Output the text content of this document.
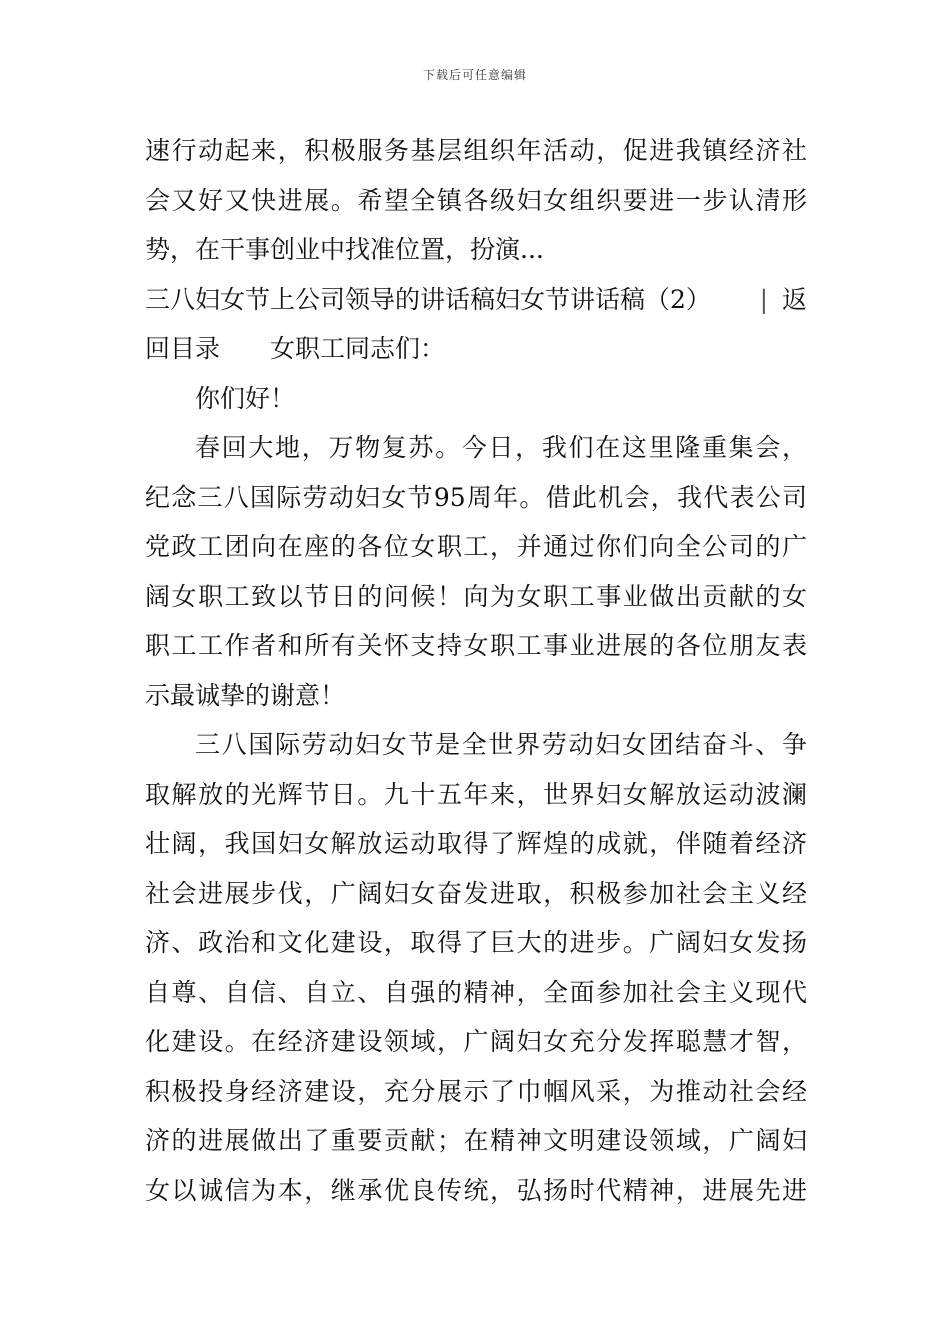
下载后可任意编辑
速行动起来，积极服务基层组织年活动，促进我镇经济社
会又好又快进展。希望全镇各级妇女组织要进一步认清形
势，在干事创业中找准位置，扮演...
三八妇女节上公司领导的讲话稿妇女节讲话稿（2） | 返
回目录 女职工同志们：
你们好！
春回大地，万物复苏。今日，我们在这里隆重集会，
纪念三八国际劳动妇女节95周年。借此机会，我代表公司
党政工团向在座的各位女职工，并通过你们向全公司的广
阔女职工致以节日的问候！向为女职工事业做出贡献的女
职工工作者和所有关怀支持女职工事业进展的各位朋友表
示最诚挚的谢意！
三八国际劳动妇女节是全世界劳动妇女团结奋斗、争
取解放的光辉节日。九十五年来，世界妇女解放运动波澜
壮阔，我国妇女解放运动取得了辉煌的成就，伴随着经济
社会进展步伐，广阔妇女奋发进取，积极参加社会主义经
济、政治和文化建设，取得了巨大的进步。广阔妇女发扬
自尊、自信、自立、自强的精神，全面参加社会主义现代
化建设。在经济建设领域，广阔妇女充分发挥聪慧才智，
积极投身经济建设，充分展示了巾帼风采，为推动社会经
济的进展做出了重要贡献；在精神文明建设领域，广阔妇
女以诚信为本，继承优良传统，弘扬时代精神，进展先进
